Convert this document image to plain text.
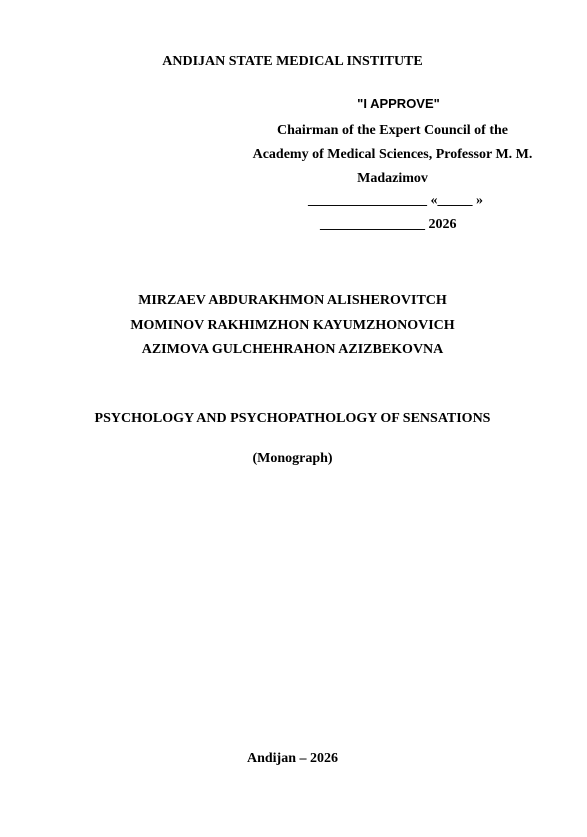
ANDIJAN STATE MEDICAL INSTITUTE
"I APPROVE"
Chairman of the Expert Council of the
Academy of Medical Sciences, Professor M. M.
Madazimov
_________________ «_____ »
_______________ 2026
MIRZAEV ABDURAKHMON ALISHEROVITCH
MOMINOV RAKHIMZHON KAYUMZHONOVICH
AZIMOVA GULCHEHRAHON AZIZBEKOVNA
PSYCHOLOGY AND PSYCHOPATHOLOGY OF SENSATIONS
(Monograph)
Andijan – 2026
